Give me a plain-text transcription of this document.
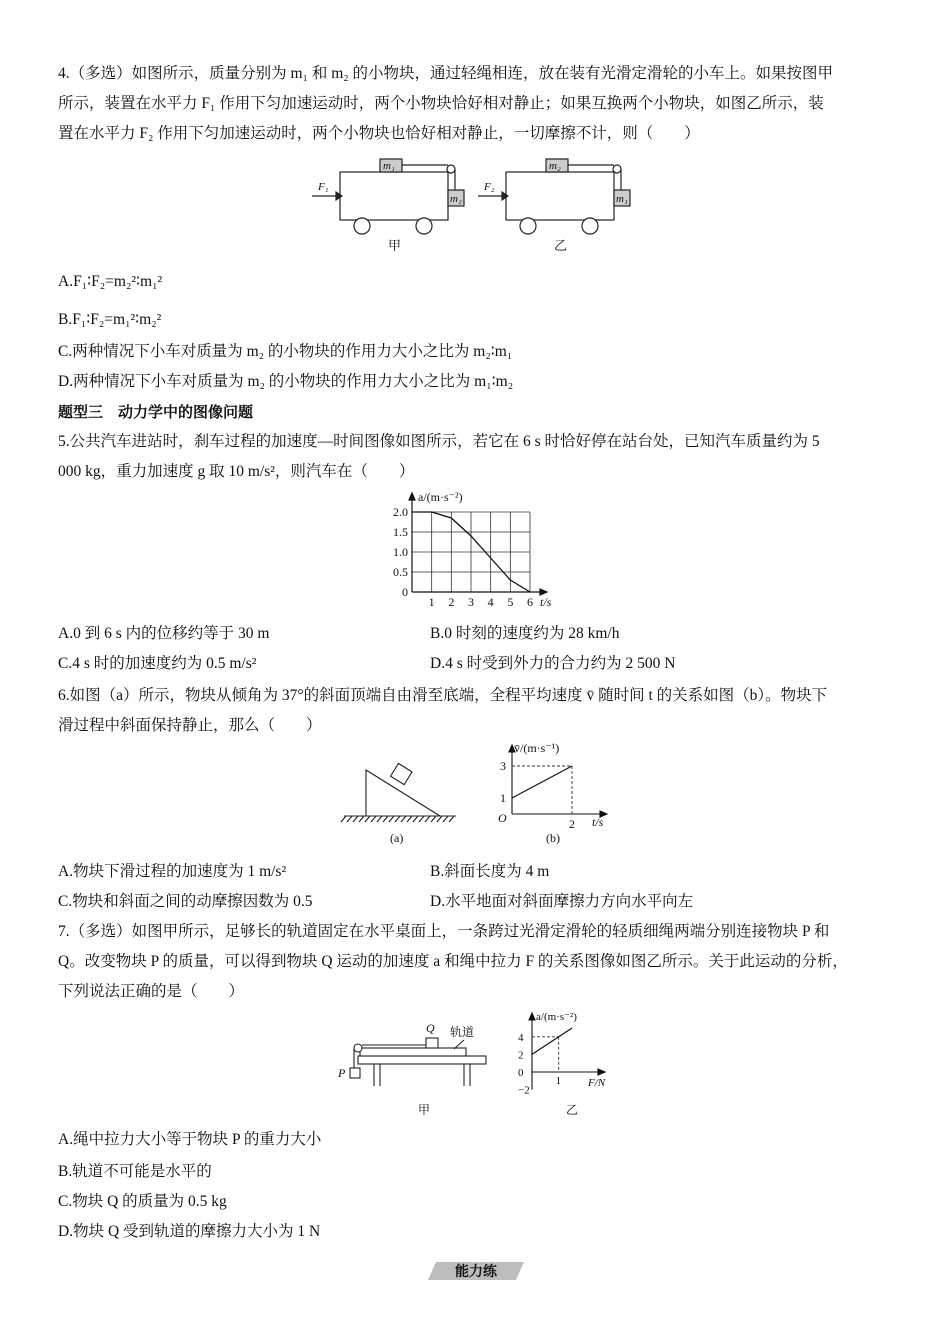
4.（多选）如图所示，质量分别为 m₁ 和 m₂ 的小物块，通过轻绳相连，放在装有光滑定滑轮的小车上。如果按图甲
所示，装置在水平力 F₁ 作用下匀加速运动时，两个小物块恰好相对静止；如果互换两个小物块，如图乙所示，装
置在水平力 F₂ 作用下匀加速运动时，两个小物块也恰好相对静止，一切摩擦不计，则（　　）
F₁
m₁
m₂
F₂
m₂
m₁
甲	乙
A.F₁∶F₂=m₂²∶m₁²
B.F₁∶F₂=m₁²∶m₂²
C.两种情况下小车对质量为 m₂ 的小物块的作用力大小之比为 m₂∶m₁
D.两种情况下小车对质量为 m₂ 的小物块的作用力大小之比为 m₁∶m₂
题型三　动力学中的图像问题
5.公共汽车进站时，刹车过程的加速度—时间图像如图所示，若它在 6 s 时恰好停在站台处，已知汽车质量约为 5
000 kg，重力加速度 g 取 10 m/s²，则汽车在（　　）
1 2 3 4 5 6
0
0.5
1.0
1.5
2.0
a/(m·s⁻²)
t/s
A.0 到 6 s 内的位移约等于 30 m	B.0 时刻的速度约为 28 km/h
C.4 s 时的加速度约为 0.5 m/s²	D.4 s 时受到外力的合力约为 2 500 N
6.如图（a）所示，物块从倾角为 37°的斜面顶端自由滑至底端，全程平均速度 v̄ 随时间 t 的关系如图（b）。物块下
滑过程中斜面保持静止，那么（　　）
(a)
1
3
2
v̄/(m·s⁻¹)
t/s
O
(b)
A.物块下滑过程的加速度为 1 m/s²	B.斜面长度为 4 m
C.物块和斜面之间的动摩擦因数为 0.5	D.水平地面对斜面摩擦力方向水平向左
7.（多选）如图甲所示，足够长的轨道固定在水平桌面上，一条跨过光滑定滑轮的轻质细绳两端分别连接物块 P 和
Q。改变物块 P 的质量，可以得到物块 Q 运动的加速度 a 和绳中拉力 F 的关系图像如图乙所示。关于此运动的分析，
下列说法正确的是（　　）
Q 轨道
P
甲
−2
0
2
4
1
a/(m·s⁻²)
F/N
乙
A.绳中拉力大小等于物块 P 的重力大小
B.轨道不可能是水平的
C.物块 Q 的质量为 0.5 kg
D.物块 Q 受到轨道的摩擦力大小为 1 N
能力练
